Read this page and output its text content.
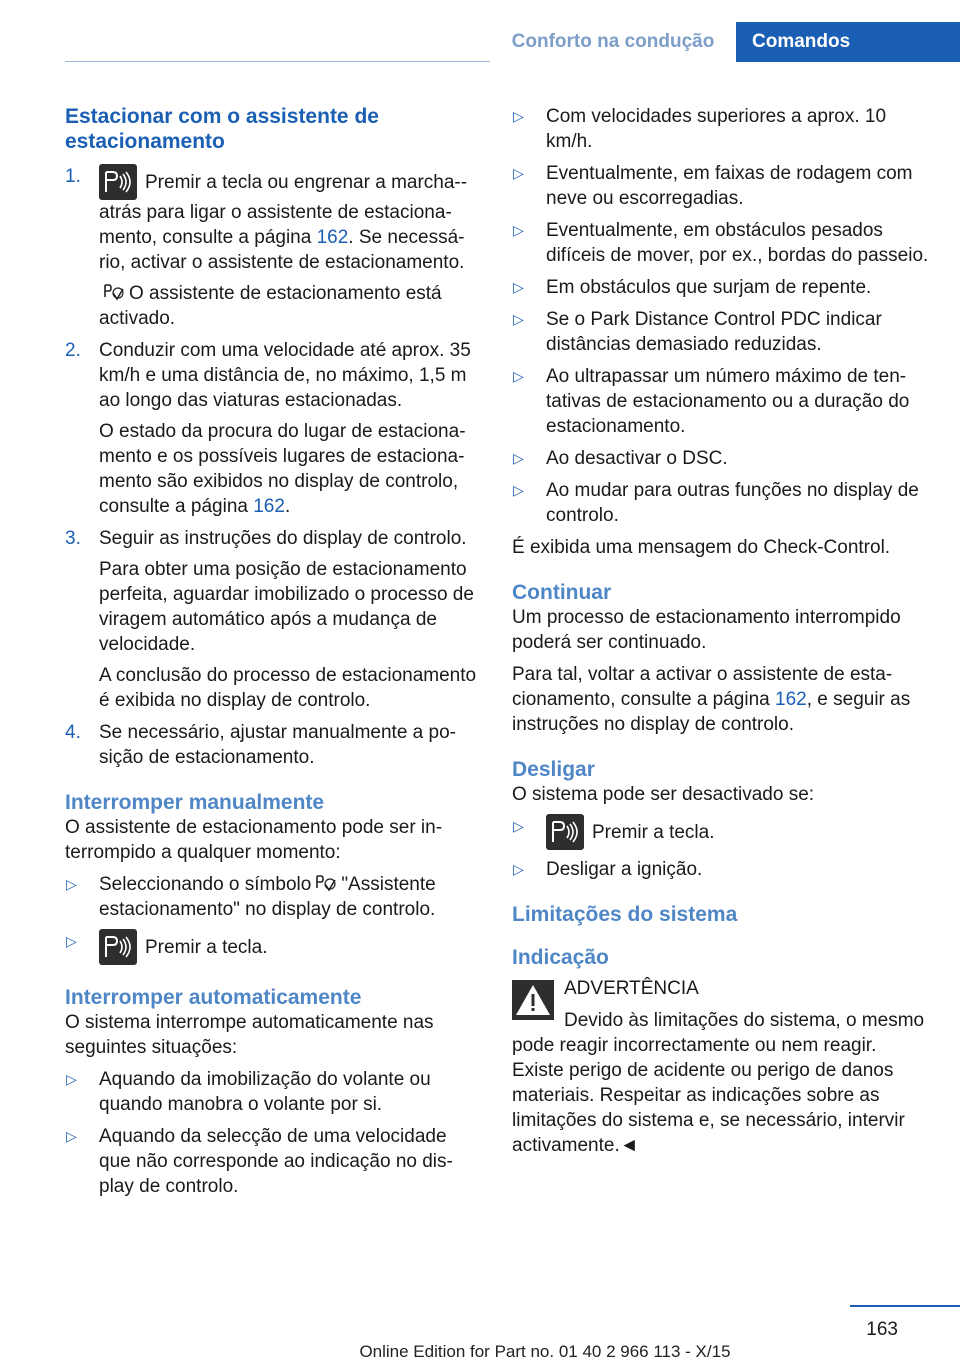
Conforto na condução	Comandos
Estacionar com o assistente de estacionamento
1.	Premir a tecla ou engrenar a marcha--atrás para ligar o assistente de estacionamento, consulte a página 162. Se necessário, activar o assistente de estacionamento.

O assistente de estacionamento está activado.

2. Conduzir com uma velocidade até aprox. 35 km/h e uma distância de, no máximo, 1,5 m ao longo das viaturas estacionadas.

O estado da procura do lugar de estacionamento e os possíveis lugares de estacionamento são exibidos no display de controlo, consulte a página 162.

3. Seguir as instruções do display de controlo.

Para obter uma posição de estacionamento perfeita, aguardar imobilizado o processo de viragem automático após a mudança de velocidade.

A conclusão do processo de estacionamento é exibida no display de controlo.

4. Se necessário, ajustar manualmente a posição de estacionamento.

Interromper manualmente

O assistente de estacionamento pode ser interrompido a qualquer momento:

▷ Seleccionando o símbolo "Assistente estacionamento" no display de controlo.
▷	Premir a tecla.
Interromper automaticamente

O sistema interrompe automaticamente nas seguintes situações:

▷ Aquando da imobilização do volante ou quando manobra o volante por si.
▷ Aquando da selecção de uma velocidade que não corresponde ao indicação no display de controlo.
▷ Com velocidades superiores a aprox. 10 km/h.
▷ Eventualmente, em faixas de rodagem com neve ou escorregadias.
▷ Eventualmente, em obstáculos pesados difíceis de mover, por ex., bordas do passeio.
▷ Em obstáculos que surjam de repente.
▷ Se o Park Distance Control PDC indicar distâncias demasiado reduzidas.
▷ Ao ultrapassar um número máximo de tentativas de estacionamento ou a duração do estacionamento.
▷ Ao desactivar o DSC.
▷ Ao mudar para outras funções no display de controlo.

É exibida uma mensagem do Check-Control.

Continuar

Um processo de estacionamento interrompido poderá ser continuado.

Para tal, voltar a activar o assistente de estacionamento, consulte a página 162, e seguir as instruções no display de controlo.

Desligar

O sistema pode ser desactivado se:

▷	Premir a tecla.
▷ Desligar a ignição.
Limitações do sistema
Indicação

ADVERTÊNCIA

Devido às limitações do sistema, o mesmo pode reagir incorrectamente ou nem reagir. Existe perigo de acidente ou perigo de danos materiais. Respeitar as indicações sobre as limitações do sistema e, se necessário, intervir activamente.◄

163
Online Edition for Part no. 01 40 2 966 113 - X/15
